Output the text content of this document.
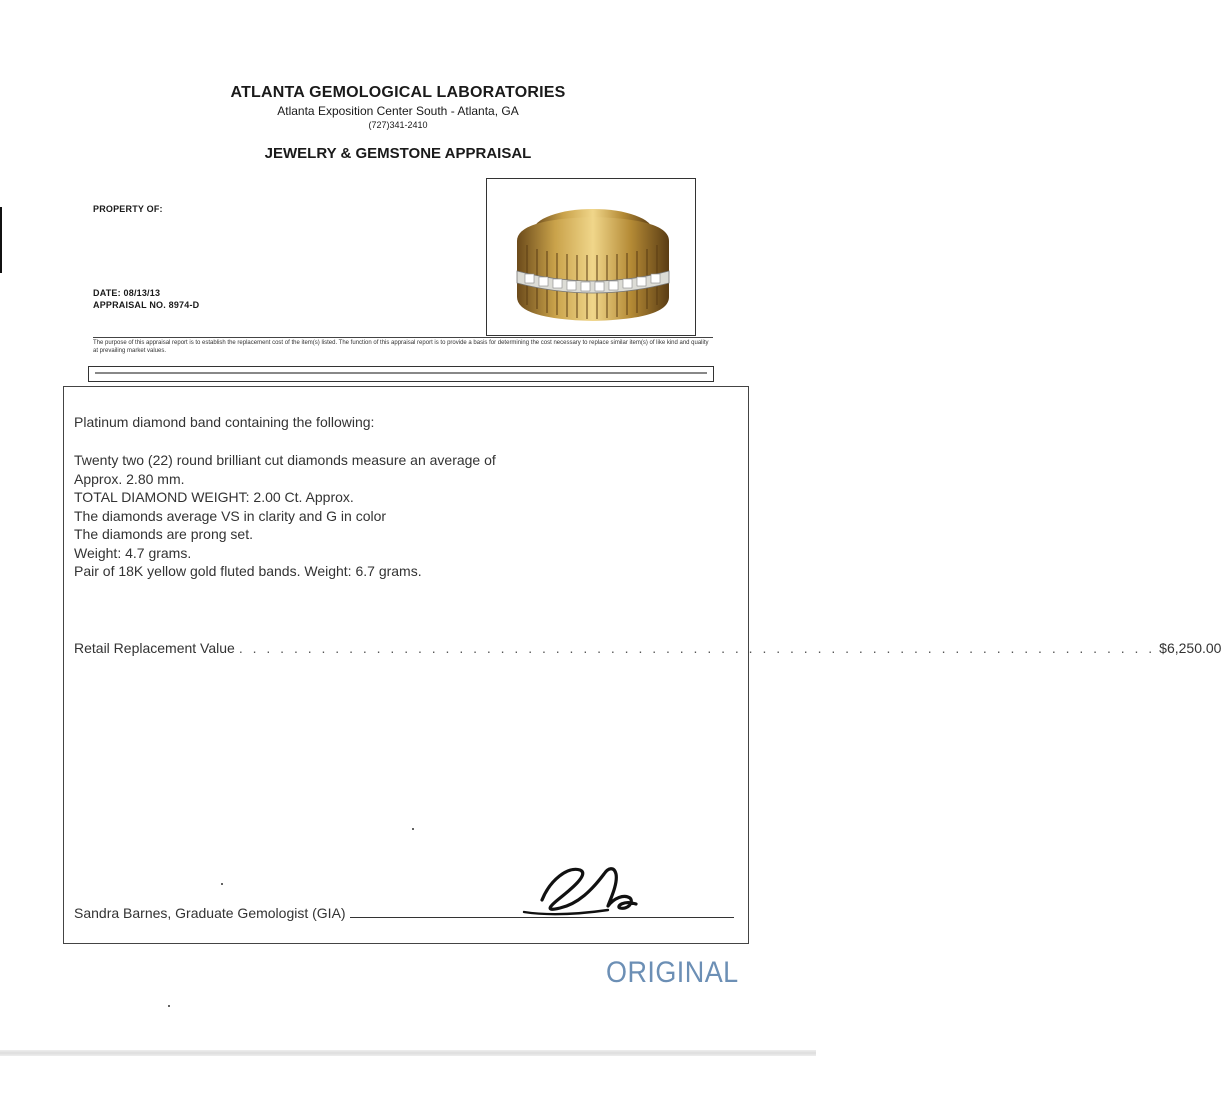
ATLANTA GEMOLOGICAL LABORATORIES
Atlanta Exposition Center South - Atlanta, GA
(727)341-2410
JEWELRY & GEMSTONE APPRAISAL
PROPERTY OF:
DATE: 08/13/13
APPRAISAL NO. 8974-D
The purpose of this appraisal report is to establish the replacement cost of the item(s) listed. The function of this appraisal report is to provide a basis for determining the cost necessary to replace similar item(s) of like kind and quality at prevailing market values.
Platinum diamond band containing the following:
Twenty two (22) round brilliant cut diamonds measure an average of
Approx. 2.80 mm.
TOTAL DIAMOND WEIGHT: 2.00 Ct. Approx.
The diamonds average VS in clarity and G in color
The diamonds are prong set.
Weight: 4.7 grams.
Pair of 18K yellow gold fluted bands. Weight: 6.7 grams.
Retail Replacement Value . . . . . . . . . . . . . . . . . . . . . . . . . . . . . . . . . . . . . . . . . . . . . . . . . . . . . . . . . . . . . . . . . . . $6,250.00
Sandra Barnes, Graduate Gemologist (GIA)
ORIGINAL
